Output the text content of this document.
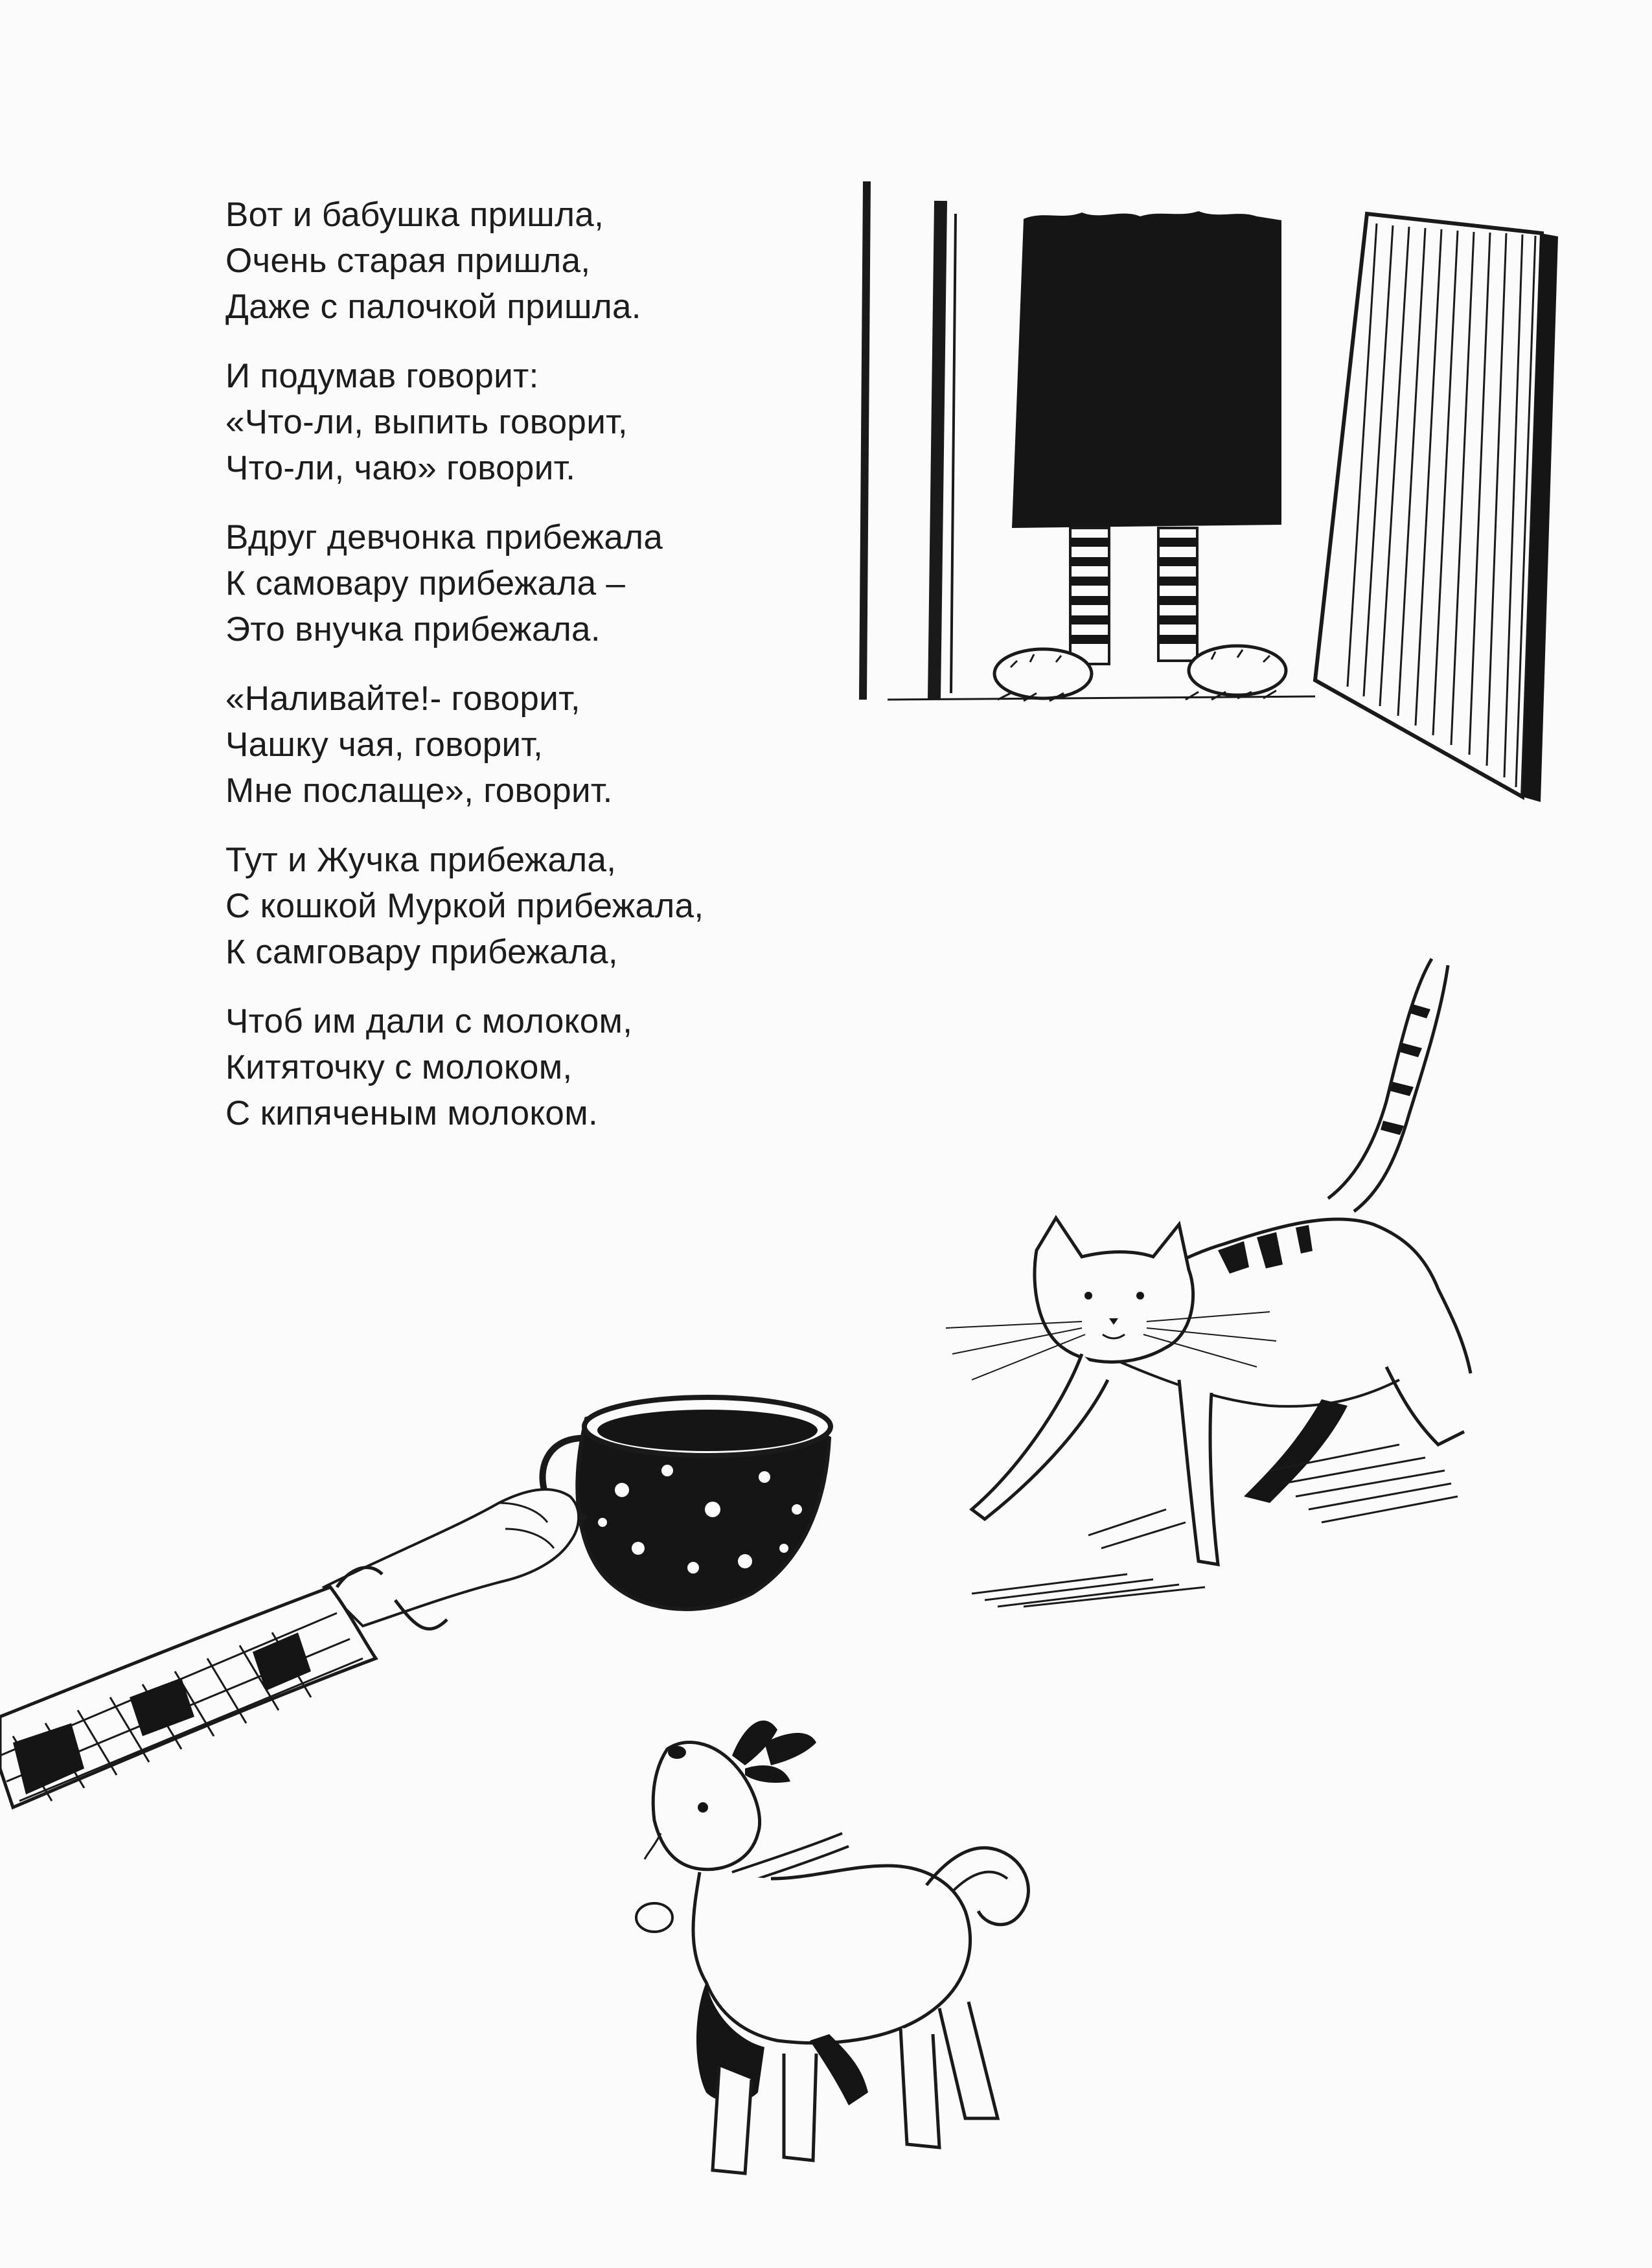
Вот и бабушка пришла,
Очень старая пришла,
Даже с палочкой пришла.
И подумав говорит:
«Что-ли, выпить говорит,
Что-ли, чаю» говорит.
Вдруг девчонка прибежала
К самовару прибежала –
Это внучка прибежала.
«Наливайте!- говорит,
Чашку чая, говорит,
Мне послаще», говорит.
Тут и Жучка прибежала,
С кошкой Муркой прибежала,
К самговару прибежала,
Чтоб им дали с молоком,
Китяточку с молоком,
С кипяченым молоком.
